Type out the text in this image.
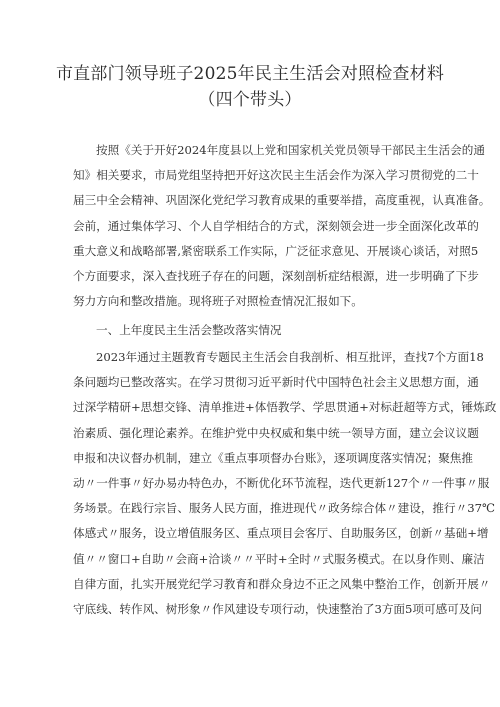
市直部门领导班子2025年民主生活会对照检查材料
（四个带头）
按照《关于开好2024年度县以上党和国家机关党员领导干部民主生活会的通
知》相关要求，市局党组坚持把开好这次民主生活会作为深入学习贯彻党的二十
届三中全会精神、巩固深化党纪学习教育成果的重要举措，高度重视，认真准备。
会前，通过集体学习、个人自学相结合的方式，深刻领会进一步全面深化改革的
重大意义和战略部署,紧密联系工作实际，广泛征求意见、开展谈心谈话，对照5
个方面要求，深入查找班子存在的问题，深刻剖析症结根源，进一步明确了下步
努力方向和整改措施。现将班子对照检查情况汇报如下。
一、上年度民主生活会整改落实情况
2023年通过主题教育专题民主生活会自我剖析、相互批评，查找7个方面18
条问题均已整改落实。在学习贯彻习近平新时代中国特色社会主义思想方面，通
过深学精研+思想交锋、清单推进+体悟教学、学思贯通+对标赶超等方式，锤炼政
治素质、强化理论素养。在维护党中央权威和集中统一领导方面，建立会议议题
申报和决议督办机制，建立《重点事项督办台账》，逐项调度落实情况；聚焦推
动〃一件事〃好办易办特色办，不断优化环节流程，迭代更新127个〃一件事〃服
务场景。在践行宗旨、服务人民方面，推进现代〃政务综合体〃建设，推行〃37℃
体感式〃服务，设立增值服务区、重点项目会客厅、自助服务区，创新〃基础+增
值〃〃窗口+自助〃会商+洽谈〃〃平时+全时〃式服务模式。在以身作则、廉洁
自律方面，扎实开展党纪学习教育和群众身边不正之风集中整治工作，创新开展〃
守底线、转作风、树形象〃作风建设专项行动，快速整治了3方面5项可感可及问
